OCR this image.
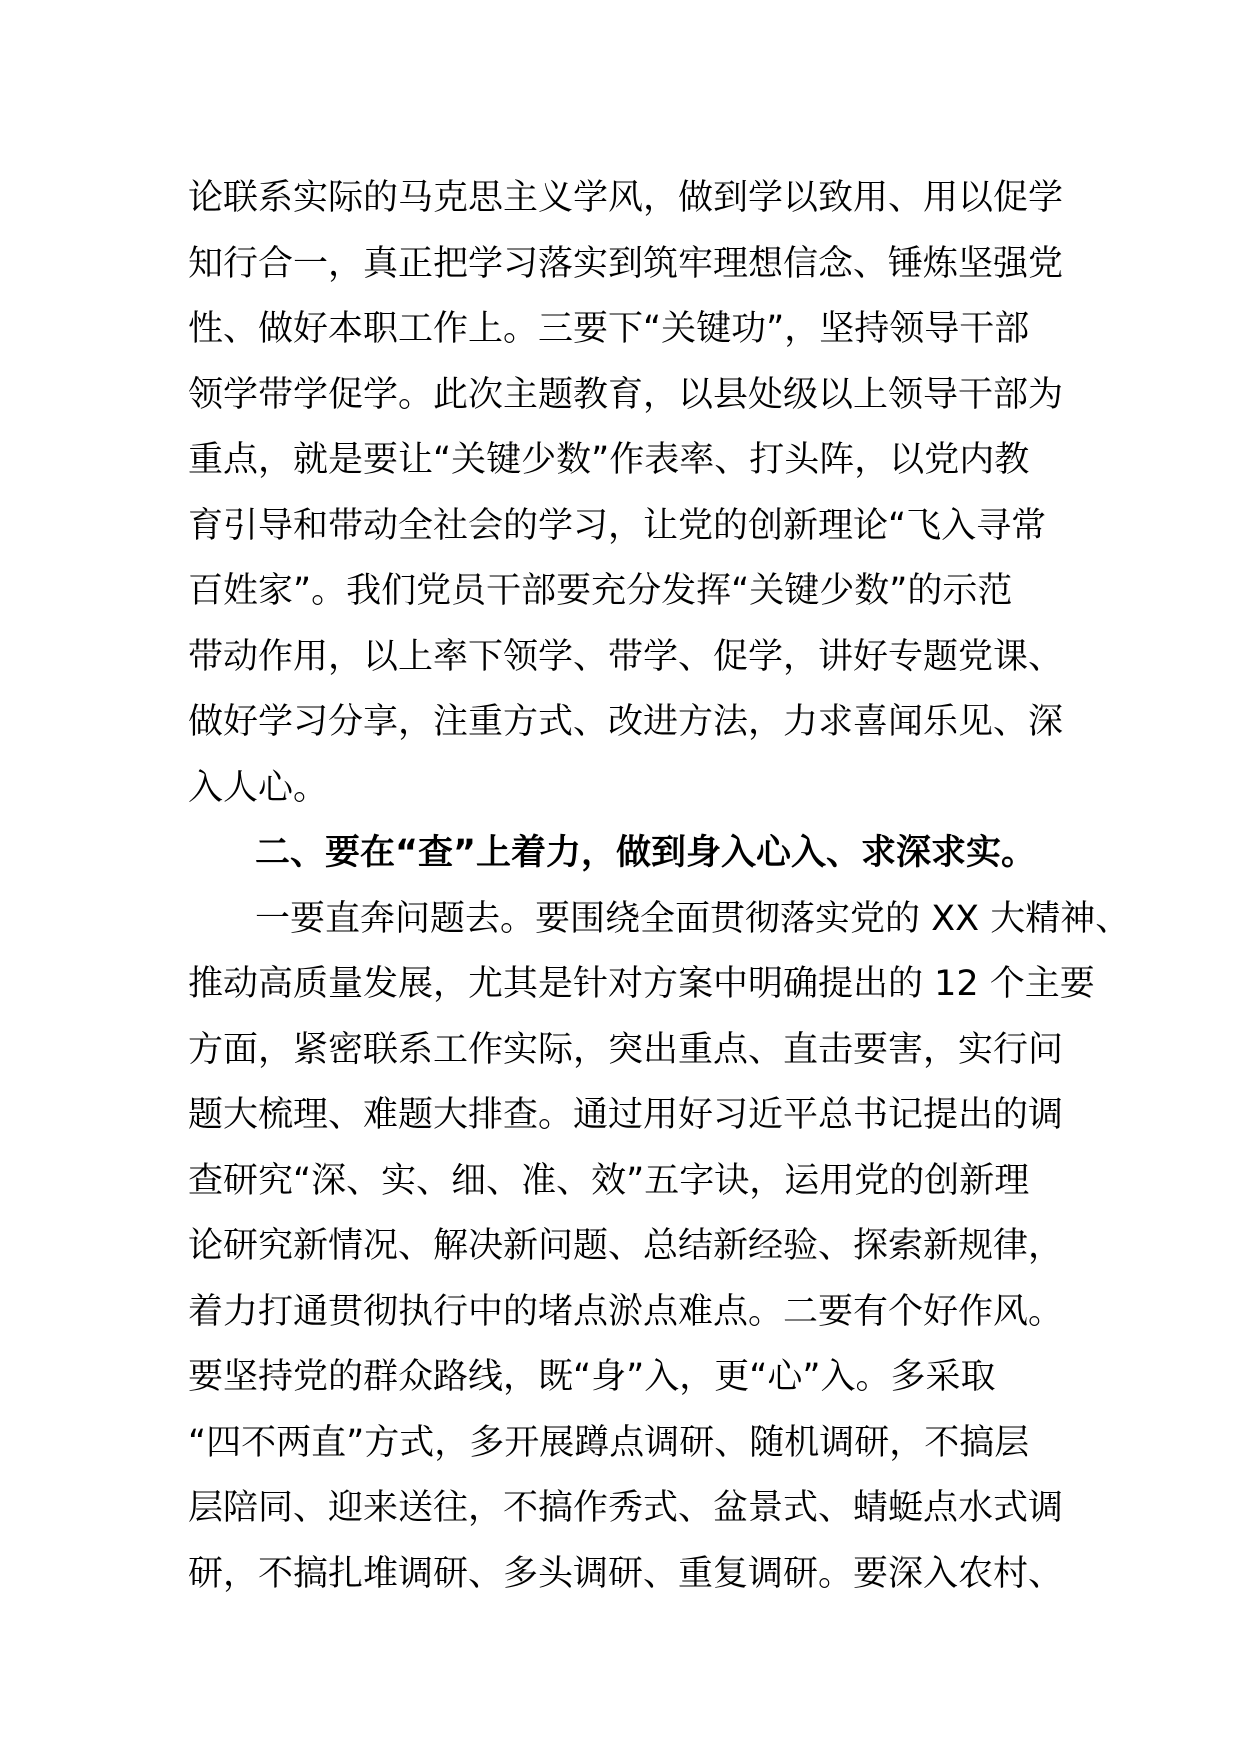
论联系实际的马克思主义学风，做到学以致用、用以促学
知行合一，真正把学习落实到筑牢理想信念、锤炼坚强党
性、做好本职工作上。三要下“关键功”，坚持领导干部
领学带学促学。此次主题教育，以县处级以上领导干部为
重点，就是要让“关键少数”作表率、打头阵，以党内教
育引导和带动全社会的学习，让党的创新理论“飞入寻常
百姓家”。我们党员干部要充分发挥“关键少数”的示范
带动作用，以上率下领学、带学、促学，讲好专题党课、
做好学习分享，注重方式、改进方法，力求喜闻乐见、深
入人心。
二、要在“查”上着力，做到身入心入、求深求实。
一要直奔问题去。要围绕全面贯彻落实党的 XX 大精神、
推动高质量发展，尤其是针对方案中明确提出的 12 个主要
方面，紧密联系工作实际，突出重点、直击要害，实行问
题大梳理、难题大排查。通过用好习近平总书记提出的调
查研究“深、实、细、准、效”五字诀，运用党的创新理
论研究新情况、解决新问题、总结新经验、探索新规律，
着力打通贯彻执行中的堵点淤点难点。二要有个好作风。
要坚持党的群众路线，既“身”入，更“心”入。多采取
“四不两直”方式，多开展蹲点调研、随机调研，不搞层
层陪同、迎来送往，不搞作秀式、盆景式、蜻蜓点水式调
研，不搞扎堆调研、多头调研、重复调研。要深入农村、
